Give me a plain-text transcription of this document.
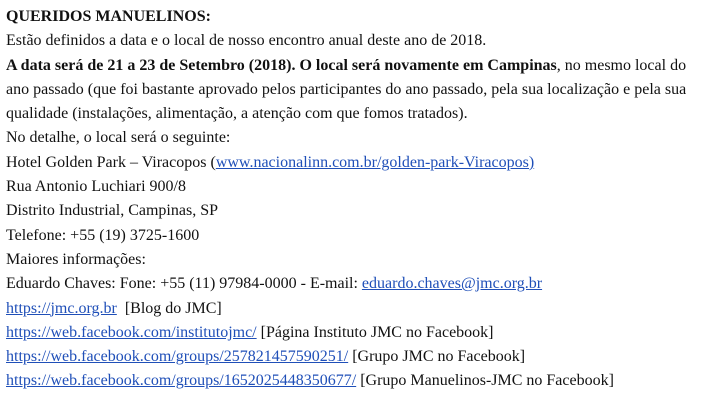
QUERIDOS MANUELINOS:
Estão definidos a data e o local de nosso encontro anual deste ano de 2018.
A data será de 21 a 23 de Setembro (2018). O local será novamente em Campinas, no mesmo local do
ano passado (que foi bastante aprovado pelos participantes do ano passado, pela sua localização e pela sua
qualidade (instalações, alimentação, a atenção com que fomos tratados).
No detalhe, o local será o seguinte:
Hotel Golden Park – Viracopos (www.nacionalinn.com.br/golden-park-Viracopos)
Rua Antonio Luchiari 900/8
Distrito Industrial, Campinas, SP
Telefone: +55 (19) 3725-1600
Maiores informações:
Eduardo Chaves: Fone: +55 (11) 97984-0000 - E-mail: eduardo.chaves@jmc.org.br
https://jmc.org.br  [Blog do JMC]
https://web.facebook.com/institutojmc/ [Página Instituto JMC no Facebook]
https://web.facebook.com/groups/257821457590251/ [Grupo JMC no Facebook]
https://web.facebook.com/groups/1652025448350677/ [Grupo Manuelinos-JMC no Facebook]
